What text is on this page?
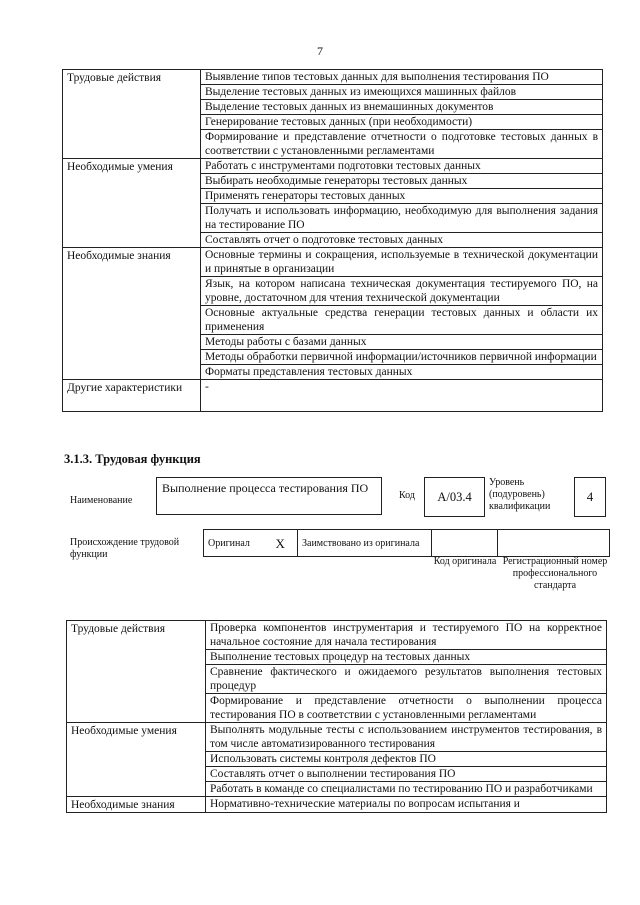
7
Трудовые действия	Выявление типов тестовых данных для выполнения тестирования ПО
	Выделение тестовых данных из имеющихся машинных файлов
	Выделение тестовых данных из внемашинных документов
	Генерирование тестовых данных (при необходимости)
	Формирование и представление отчетности о подготовке тестовых данных в соответствии с установленными регламентами
Необходимые умения	Работать с инструментами подготовки тестовых данных
	Выбирать необходимые генераторы тестовых данных
	Применять генераторы тестовых данных
	Получать и использовать информацию, необходимую для выполнения задания на тестирование ПО
	Составлять отчет о подготовке тестовых данных
Необходимые знания	Основные термины и сокращения, используемые в технической документации и принятые в организации
	Язык, на котором написана техническая документация тестируемого ПО, на уровне, достаточном для чтения технической документации
	Основные актуальные средства генерации тестовых данных и области их применения
	Методы работы с базами данных
	Методы обработки первичной информации/источников первичной информации
	Форматы представления тестовых данных
Другие характеристики	-
3.1.3. Трудовая функция
Наименование
Выполнение процесса тестирования ПО
Код	A/03.4
Уровень (подуровень) квалификации
4
Происхождение трудовой функции
Оригинал	X	Заимствовано из оригинала		
Код оригинала Регистрационный номер профессионального стандарта
Трудовые действия	Проверка компонентов инструментария и тестируемого ПО на корректное начальное состояние для начала тестирования
	Выполнение тестовых процедур на тестовых данных
	Сравнение фактического и ожидаемого результатов выполнения тестовых процедур
	Формирование и представление отчетности о выполнении процесса тестирования ПО в соответствии с установленными регламентами
Необходимые умения	Выполнять модульные тесты с использованием инструментов тестирования, в том числе автоматизированного тестирования
	Использовать системы контроля дефектов ПО
	Составлять отчет о выполнении тестирования ПО
	Работать в команде со специалистами по тестированию ПО и разработчиками
Необходимые знания	Нормативно-технические материалы по вопросам испытания и
